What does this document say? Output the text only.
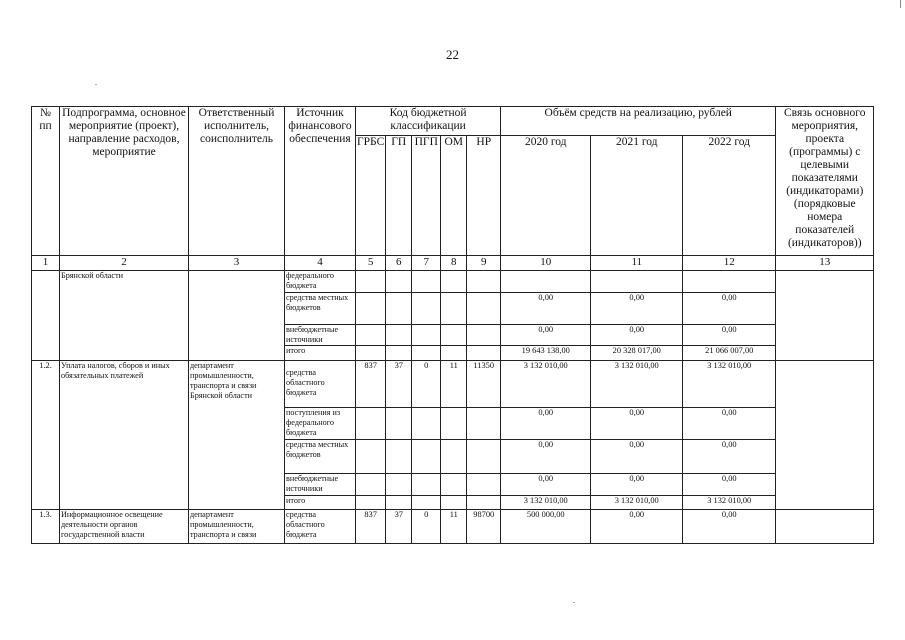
22
№ пп	Подпрограмма, основное мероприятие (проект), направление расходов, мероприятие	Ответственный исполнитель, соисполнитель	Источник финансового обеспечения	Код бюджетной классификации					Объём средств на реализацию, рублей			Связь основного мероприятия, проекта (программы) с целевыми показателями (индикаторами) (порядковые номера показателей (индикаторов))
				ГРБС	ГП	ПГП	ОМ	НР	2020 год	2021 год	2022 год	
1	2	3	4	5	6	7	8	9	10	11	12	13
	Брянской области		федерального бюджета									
			средства местных бюджетов						0,00	0,00	0,00	
			внебюджетные источники						0,00	0,00	0,00	
			итого						19 643 138,00	20 328 017,00	21 066 007,00	
1.2.	Уплата налогов, сборов и иных обязательных платежей	департамент промышленности, транспорта и связи Брянской области	средства областного бюджета	837	37	0	11	11350	3 132 010,00	3 132 010,00	3 132 010,00	
			поступления из федерального бюджета						0,00	0,00	0,00	
			средства местных бюджетов						0,00	0,00	0,00	
			внебюджетные источники						0,00	0,00	0,00	
			итого						3 132 010,00	3 132 010,00	3 132 010,00	
1.3.	Информационное освещение деятельности органов государственной власти	департамент промышленности, транспорта и связи	средства областного бюджета	837	37	0	11	98700	500 000,00	0,00	0,00	
